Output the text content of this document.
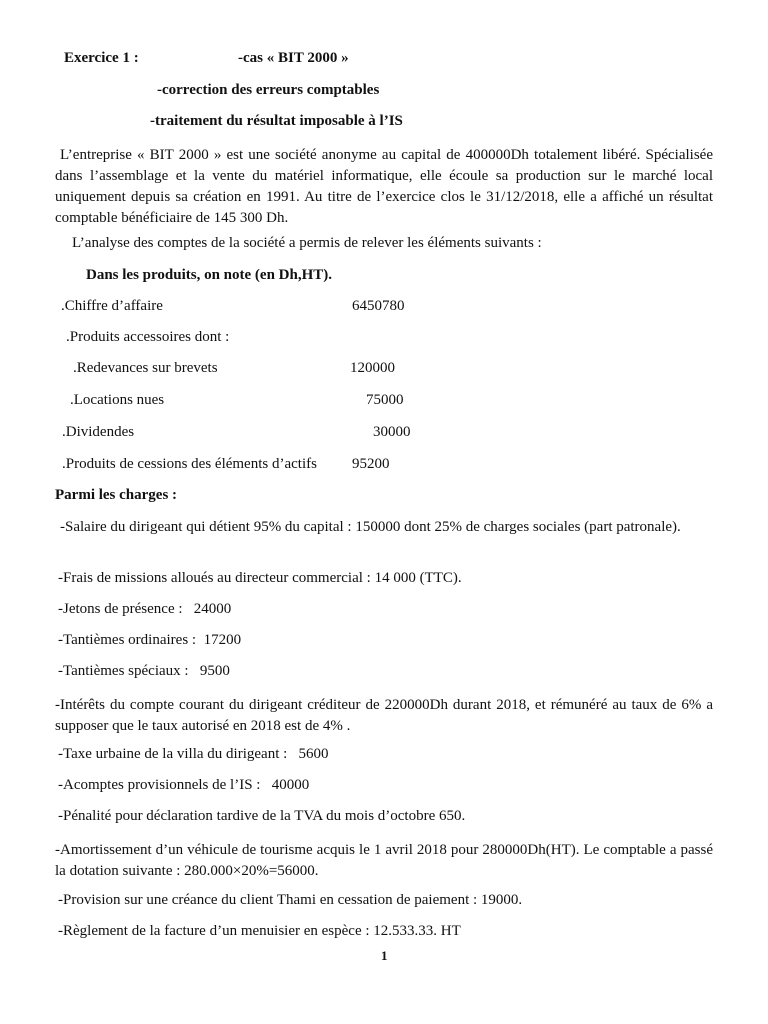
Exercice 1 :	-cas « BIT 2000 »
-correction des erreurs comptables
-traitement du résultat imposable à l’IS
L’entreprise « BIT 2000 » est une société anonyme au capital de 400000Dh totalement libéré. Spécialisée dans l’assemblage et la vente du matériel informatique, elle écoule sa production sur le marché local uniquement depuis sa création en 1991. Au titre de l’exercice clos le 31/12/2018, elle a affiché un résultat comptable bénéficiaire de 145 300 Dh.
L’analyse des comptes de la société a permis de relever les éléments suivants :
Dans les produits, on note (en Dh,HT).
.Chiffre d’affaire	6450780
.Produits accessoires dont :
.Redevances sur brevets	120000
.Locations nues	75000
.Dividendes	30000
.Produits de cessions des éléments d’actifs 95200
Parmi les charges :
-Salaire du dirigeant qui détient 95% du capital : 150000 dont 25% de charges sociales (part patronale).
-Frais de missions alloués au directeur commercial : 14 000 (TTC).
-Jetons de présence :   24000
-Tantièmes ordinaires :  17200
-Tantièmes spéciaux :   9500
-Intérêts du compte courant du dirigeant créditeur de 220000Dh durant 2018, et rémunéré au taux de 6% a supposer que le taux autorisé en 2018 est de 4% .
-Taxe urbaine de la villa du dirigeant :   5600
-Acomptes provisionnels de l’IS :   40000
-Pénalité pour déclaration tardive de la TVA du mois d’octobre 650.
-Amortissement d’un véhicule de tourisme acquis le 1 avril 2018 pour 280000Dh(HT). Le comptable a passé la dotation suivante : 280.000×20%=56000.
-Provision sur une créance du client Thami en cessation de paiement : 19000.
-Règlement de la facture d’un menuisier en espèce : 12.533.33. HT
1
